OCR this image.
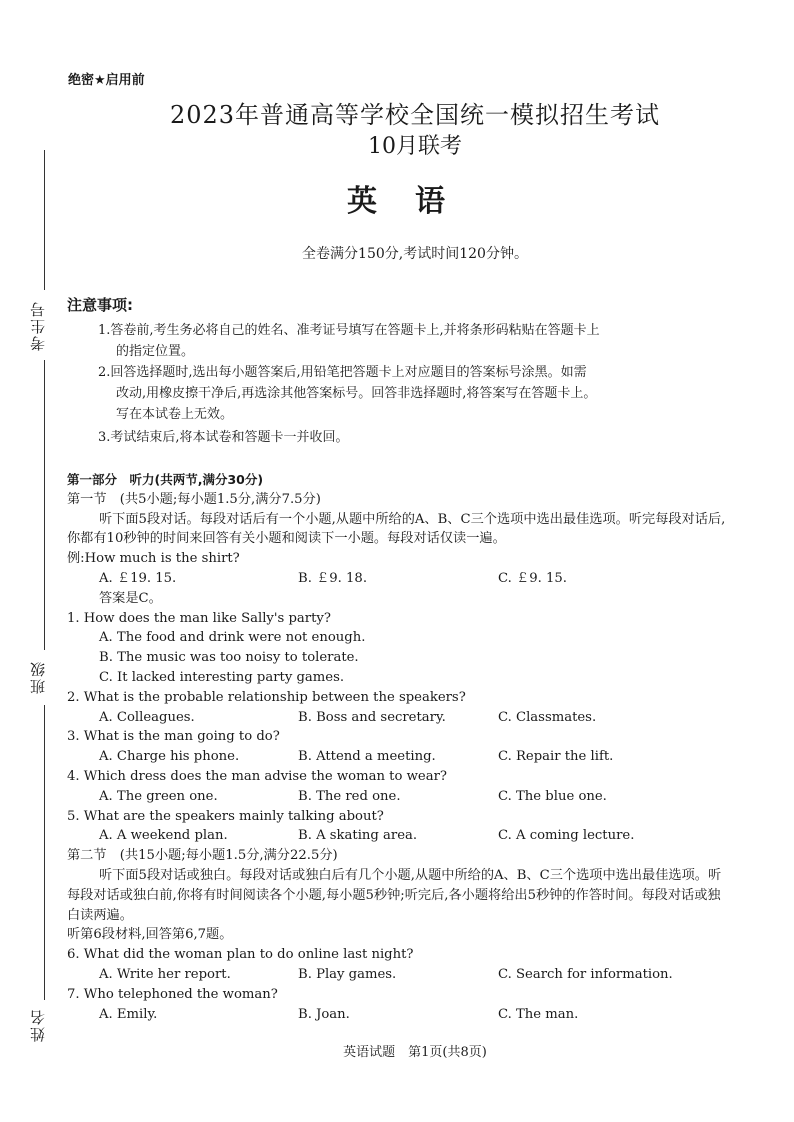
考生号
班级
姓名
绝密★启用前
2023年普通高等学校全国统一模拟招生考试
10月联考
英语
全卷满分150分,考试时间120分钟。
注意事项:
1.答卷前,考生务必将自己的姓名、准考证号填写在答题卡上,并将条形码粘贴在答题卡上
的指定位置。
2.回答选择题时,选出每小题答案后,用铅笔把答题卡上对应题目的答案标号涂黑。如需
改动,用橡皮擦干净后,再选涂其他答案标号。回答非选择题时,将答案写在答题卡上。
写在本试卷上无效。
3.考试结束后,将本试卷和答题卡一并收回。
第一部分　听力(共两节,满分30分)
第一节　(共5小题;每小题1.5分,满分7.5分)
听下面5段对话。每段对话后有一个小题,从题中所给的A、B、C三个选项中选出最佳选项。听完每段对话后,你都有10秒钟的时间来回答有关小题和阅读下一小题。每段对话仅读一遍。
例:How much is the shirt?
A. ￡19. 15.	B. ￡9. 18.	C. ￡9. 15.
答案是C。
1. How does the man like Sally's party?
A. The food and drink were not enough.
B. The music was too noisy to tolerate.
C. It lacked interesting party games.
2. What is the probable relationship between the speakers?
A. Colleagues.	B. Boss and secretary.	C. Classmates.
3. What is the man going to do?
A. Charge his phone.	B. Attend a meeting.	C. Repair the lift.
4. Which dress does the man advise the woman to wear?
A. The green one.	B. The red one.	C. The blue one.
5. What are the speakers mainly talking about?
A. A weekend plan.	B. A skating area.	C. A coming lecture.
第二节　(共15小题;每小题1.5分,满分22.5分)
听下面5段对话或独白。每段对话或独白后有几个小题,从题中所给的A、B、C三个选项中选出最佳选项。听每段对话或独白前,你将有时间阅读各个小题,每小题5秒钟;听完后,各小题将给出5秒钟的作答时间。每段对话或独白读两遍。
听第6段材料,回答第6,7题。
6. What did the woman plan to do online last night?
A. Write her report.	B. Play games.	C. Search for information.
7. Who telephoned the woman?
A. Emily.	B. Joan.	C. The man.
英语试题　第1页(共8页)
